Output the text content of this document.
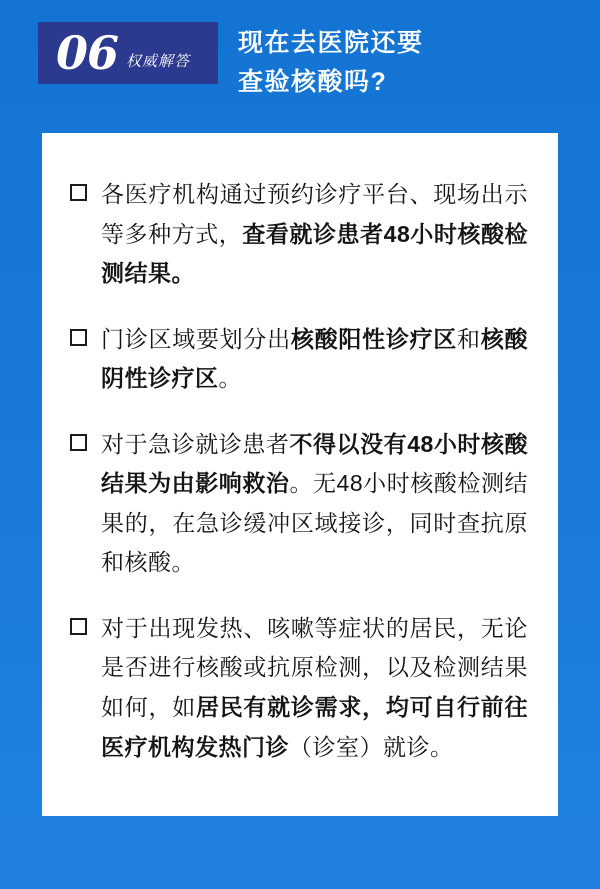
06 权威解答
现在去医院还要
查验核酸吗?
各医疗机构通过预约诊疗平台、现场出示等多种方式，查看就诊患者48小时核酸检测结果。
门诊区域要划分出核酸阳性诊疗区和核酸阴性诊疗区。
对于急诊就诊患者不得以没有48小时核酸结果为由影响救治。无48小时核酸检测结果的，在急诊缓冲区域接诊，同时查抗原和核酸。
对于出现发热、咳嗽等症状的居民，无论是否进行核酸或抗原检测，以及检测结果如何，如居民有就诊需求，均可自行前往医疗机构发热门诊（诊室）就诊。
